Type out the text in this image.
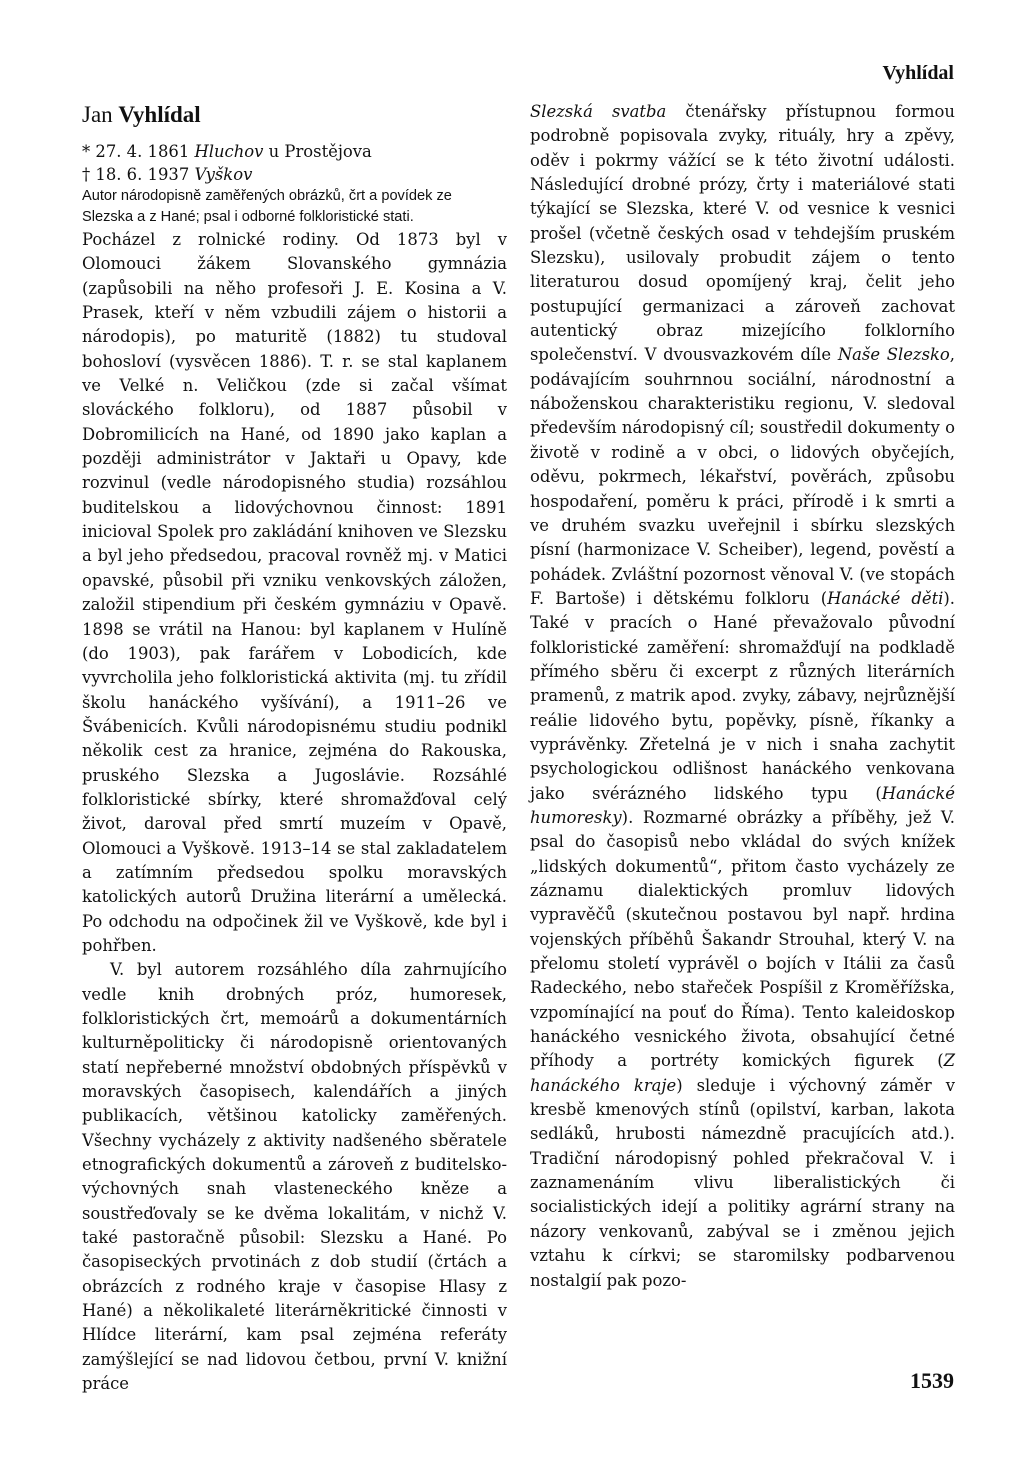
Vyhlídal
Jan Vyhlídal
* 27. 4. 1861 Hluchov u Prostějova
† 18. 6. 1937 Vyškov

Autor národopisně zaměřených obrázků, črt a povídek ze Slezska a z Hané; psal i odborné folkloristické stati.

Pocházel z rolnické rodiny. Od 1873 byl v Olomouci žákem Slovanského gymnázia (zapůsobili na něho profesoři J. E. Kosina a V. Prasek, kteří v něm vzbudili zájem o historii a národopis), po maturitě (1882) tu studoval bohosloví (vysvěcen 1886). T. r. se stal kaplanem ve Velké n. Veličkou (zde si začal všímat slováckého folkloru), od 1887 působil v Dobromilicích na Hané, od 1890 jako kaplan a později administrátor v Jaktaři u Opavy, kde rozvinul (vedle národopisného studia) rozsáhlou buditelskou a lidovýchovnou činnost: 1891 inicioval Spolek pro zakládání knihoven ve Slezsku a byl jeho předsedou, pracoval rovněž mj. v Matici opavské, působil při vzniku venkovských záložen, založil stipendium při českém gymnáziu v Opavě. 1898 se vrátil na Hanou: byl kaplanem v Hulíně (do 1903), pak farářem v Lobodicích, kde vyvrcholila jeho folkloristická aktivita (mj. tu zřídil školu hanáckého vyšívání), a 1911–26 ve Švábenicích. Kvůli národopisnému studiu podnikl několik cest za hranice, zejména do Rakouska, pruského Slezska a Jugoslávie. Rozsáhlé folkloristické sbírky, které shromažďoval celý život, daroval před smrtí muzeím v Opavě, Olomouci a Vyškově. 1913–14 se stal zakladatelem a zatímním předsedou spolku moravských katolických autorů Družina literární a umělecká. Po odchodu na odpočinek žil ve Vyškově, kde byl i pohřben.

V. byl autorem rozsáhlého díla zahrnujícího vedle knih drobných próz, humoresek, folkloristických črt, memoárů a dokumentárních kulturněpoliticky či národopisně orientovaných statí nepřeberné množství obdobných příspěvků v moravských časopisech, kalendářích a jiných publikacích, většinou katolicky zaměřených. Všechny vycházely z aktivity nadšeného sběratele etnografických dokumentů a zároveň z buditelsko-výchovných snah vlasteneckého kněze a soustřeďovaly se ke dvěma lokalitám, v nichž V. také pastoračně působil: Slezsku a Hané. Po časopiseckých prvotinách z dob studií (črtách a obrázcích z rodného kraje v časopise Hlasy z Hané) a několikaleté literárněkritické činnosti v Hlídce literární, kam psal zejména referáty zamýšlející se nad lidovou četbou, první V. knižní práce

Slezská svatba čtenářsky přístupnou formou podrobně popisovala zvyky, rituály, hry a zpěvy, oděv i pokrmy vážící se k této životní události. Následující drobné prózy, črty i materiálové stati týkající se Slezska, které V. od vesnice k vesnici prošel (včetně českých osad v tehdejším pruském Slezsku), usilovaly probudit zájem o tento literaturou dosud opomíjený kraj, čelit jeho postupující germanizaci a zároveň zachovat autentický obraz mizejícího folklorního společenství. V dvousvazkovém díle Naše Slezsko, podávajícím souhrnnou sociální, národnostní a náboženskou charakteristiku regionu, V. sledoval především národopisný cíl; soustředil dokumenty o životě v rodině a v obci, o lidových obyčejích, oděvu, pokrmech, lékařství, pověrách, způsobu hospodaření, poměru k práci, přírodě i k smrti a ve druhém svazku uveřejnil i sbírku slezských písní (harmonizace V. Scheiber), legend, pověstí a pohádek. Zvláštní pozornost věnoval V. (ve stopách F. Bartoše) i dětskému folkloru (Hanácké děti). Také v pracích o Hané převažovalo původní folkloristické zaměření: shromažďují na podkladě přímého sběru či excerpt z různých literárních pramenů, z matrik apod. zvyky, zábavy, nejrůznější reálie lidového bytu, popěvky, písně, říkanky a vyprávěnky. Zřetelná je v nich i snaha zachytit psychologickou odlišnost hanáckého venkovana jako svérázného lidského typu (Hanácké humoresky). Rozmarné obrázky a příběhy, jež V. psal do časopisů nebo vkládal do svých knížek „lidských dokumentů“, přitom často vycházely ze záznamu dialektických promluv lidových vypravěčů (skutečnou postavou byl např. hrdina vojenských příběhů Šakandr Strouhal, který V. na přelomu století vyprávěl o bojích v Itálii za časů Radeckého, nebo stařeček Pospíšil z Kroměřížska, vzpomínající na pouť do Říma). Tento kaleidoskop hanáckého vesnického života, obsahující četné příhody a portréty komických figurek (Z hanáckého kraje) sleduje i výchovný záměr v kresbě kmenových stínů (opilství, karban, lakota sedláků, hrubosti námezdně pracujících atd.). Tradiční národopisný pohled překračoval V. i zaznamenáním vlivu liberalistických či socialistických idejí a politiky agrární strany na názory venkovanů, zabýval se i změnou jejich vztahu k církvi; se staromilsky podbarvenou nostalgií pak pozo-

1539
